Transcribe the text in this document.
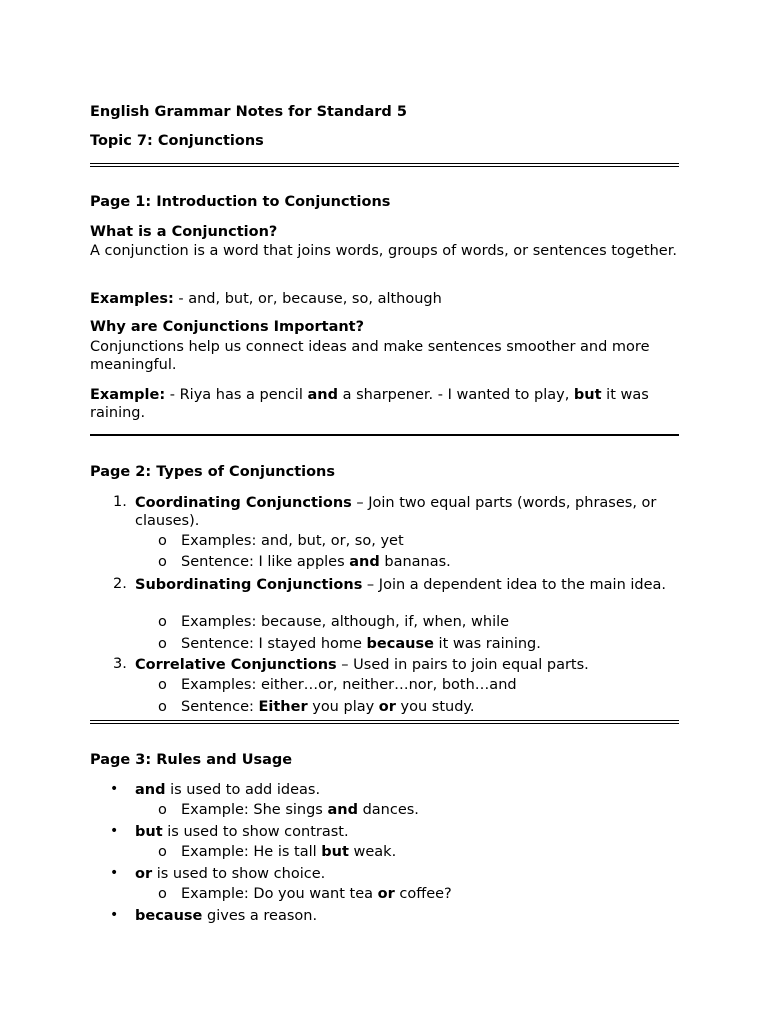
English Grammar Notes for Standard 5
Topic 7: Conjunctions
Page 1: Introduction to Conjunctions
What is a Conjunction?
A conjunction is a word that joins words, groups of words, or sentences together.
Examples: - and, but, or, because, so, although
Why are Conjunctions Important?
Conjunctions help us connect ideas and make sentences smoother and more meaningful.
Example: - Riya has a pencil and a sharpener. - I wanted to play, but it was raining.
Page 2: Types of Conjunctions
1. Coordinating Conjunctions – Join two equal parts (words, phrases, or clauses).
o Examples: and, but, or, so, yet
o Sentence: I like apples and bananas.
2. Subordinating Conjunctions – Join a dependent idea to the main idea.
o Examples: because, although, if, when, while
o Sentence: I stayed home because it was raining.
3. Correlative Conjunctions – Used in pairs to join equal parts.
o Examples: either…or, neither…nor, both…and
o Sentence: Either you play or you study.
Page 3: Rules and Usage
• and is used to add ideas.
o Example: She sings and dances.
• but is used to show contrast.
o Example: He is tall but weak.
• or is used to show choice.
o Example: Do you want tea or coffee?
• because gives a reason.
